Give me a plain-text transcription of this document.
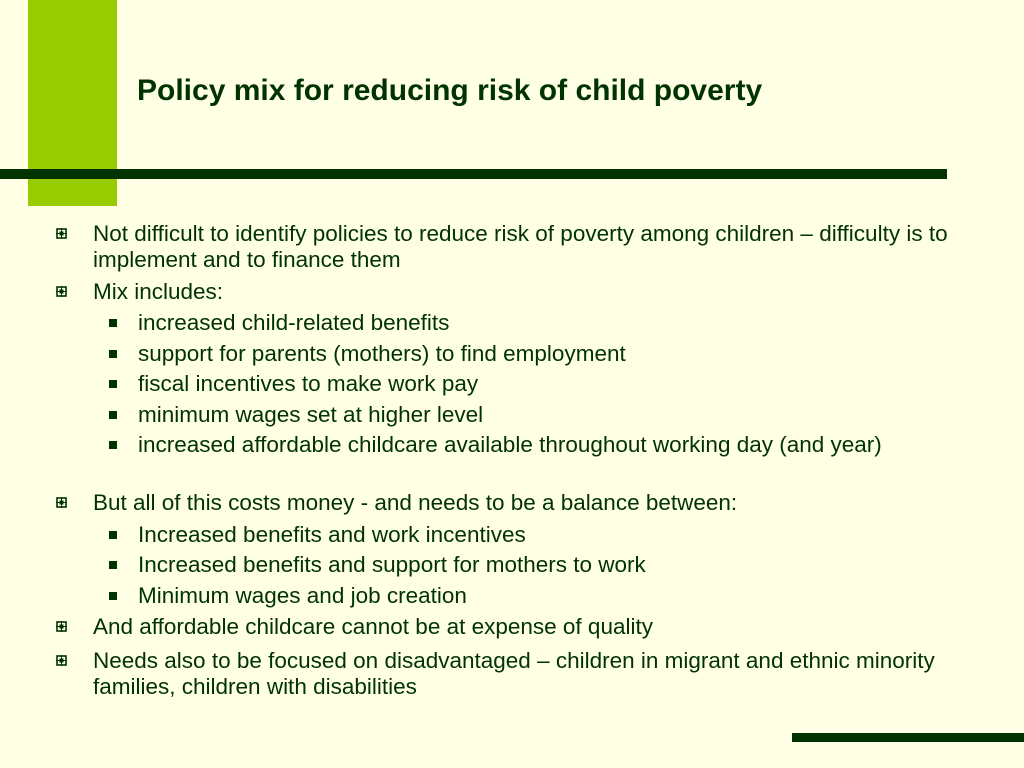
Policy mix for reducing risk of child poverty
Not difficult to identify policies to reduce risk of poverty among children – difficulty is to implement and to finance them
Mix includes:
increased child-related benefits
support for parents (mothers) to find employment
fiscal incentives to make work pay
minimum wages set at higher level
increased affordable childcare available throughout working day (and year)
But all of this costs money - and needs to be a balance between:
Increased benefits and work incentives
Increased benefits and support for mothers to work
Minimum wages and job creation
And affordable childcare cannot be at expense of quality
Needs also to be focused on disadvantaged – children in migrant and ethnic minority families, children with disabilities
